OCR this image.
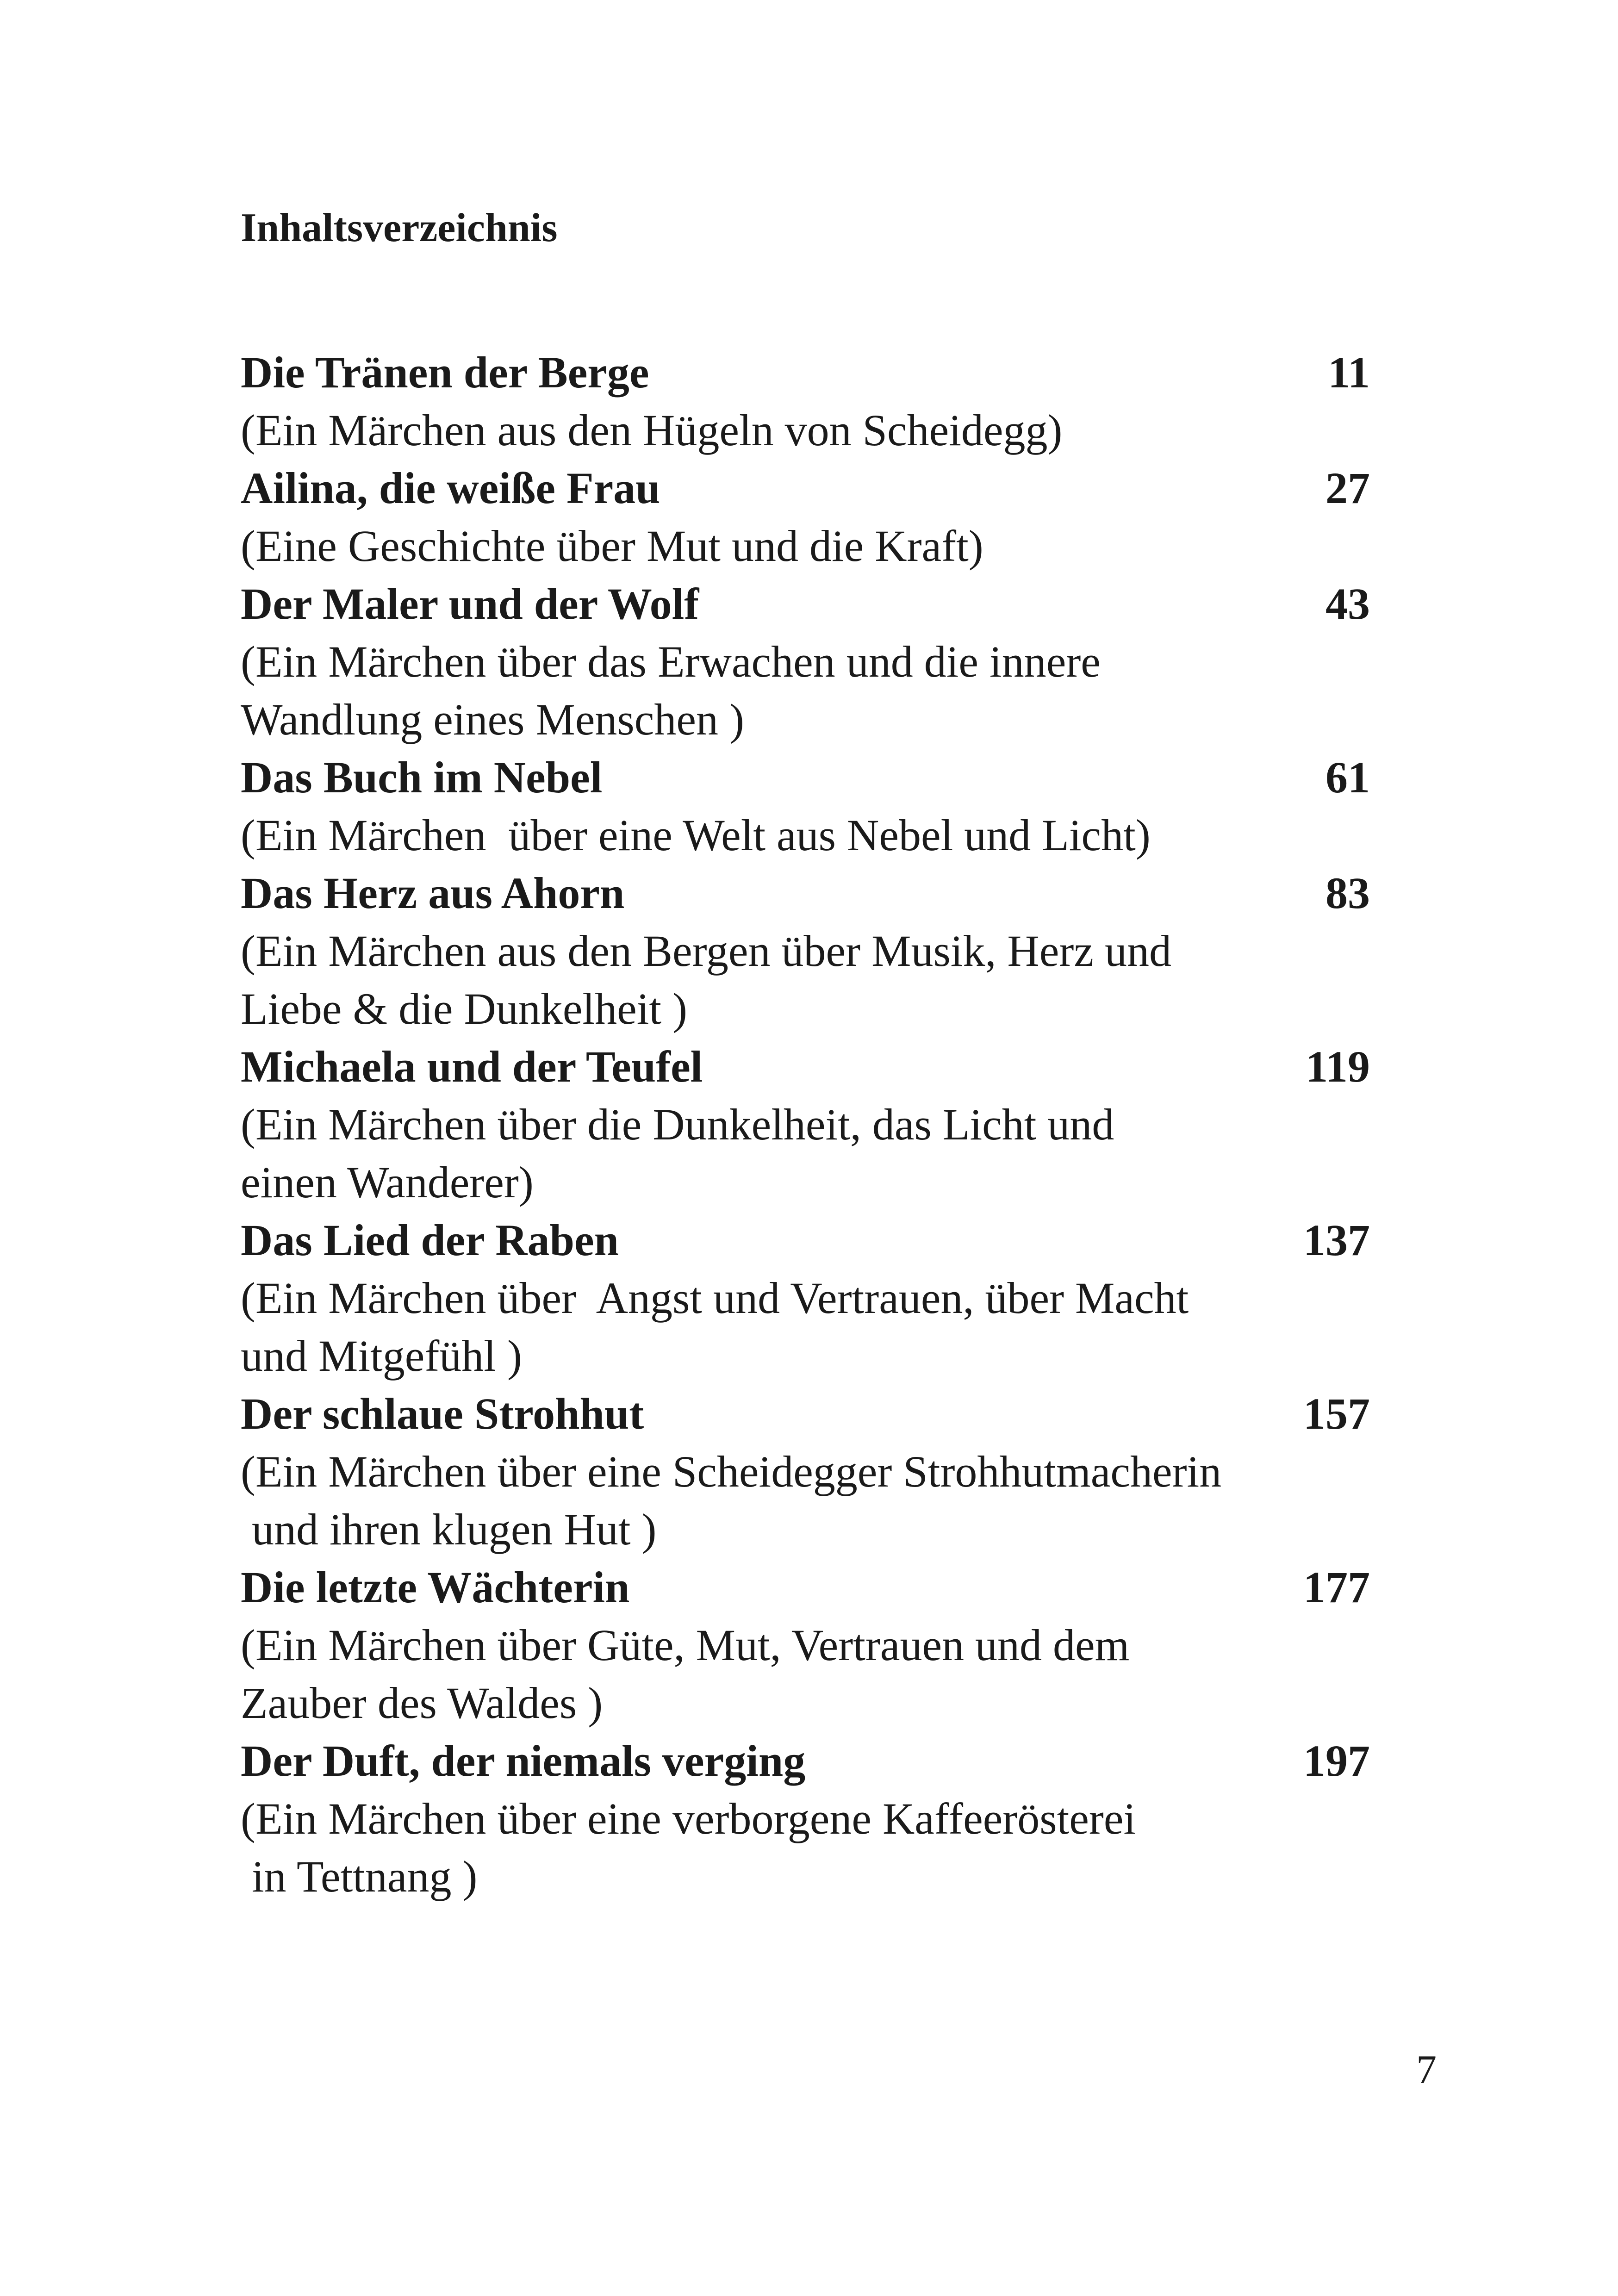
Inhaltsverzeichnis
Die Tränen der Berge	11

(Ein Märchen aus den Hügeln von Scheidegg)

Ailina, die weiße Frau	27

(Eine Geschichte über Mut und die Kraft)

Der Maler und der Wolf	43

(Ein Märchen über das Erwachen und die innere

Wandlung eines Menschen )

Das Buch im Nebel	61

(Ein Märchen  über eine Welt aus Nebel und Licht)

Das Herz aus Ahorn	83

(Ein Märchen aus den Bergen über Musik, Herz und

Liebe & die Dunkelheit )

Michaela und der Teufel	119

(Ein Märchen über die Dunkelheit, das Licht und

einen Wanderer)

Das Lied der Raben	137

(Ein Märchen über  Angst und Vertrauen, über Macht

und Mitgefühl )

Der schlaue Strohhut	157

(Ein Märchen über eine Scheidegger Strohhutmacherin

und ihren klugen Hut )

Die letzte Wächterin	177

(Ein Märchen über Güte, Mut, Vertrauen und dem

Zauber des Waldes )

Der Duft, der niemals verging	197

(Ein Märchen über eine verborgene Kaffeerösterei

in Tettnang )

7
